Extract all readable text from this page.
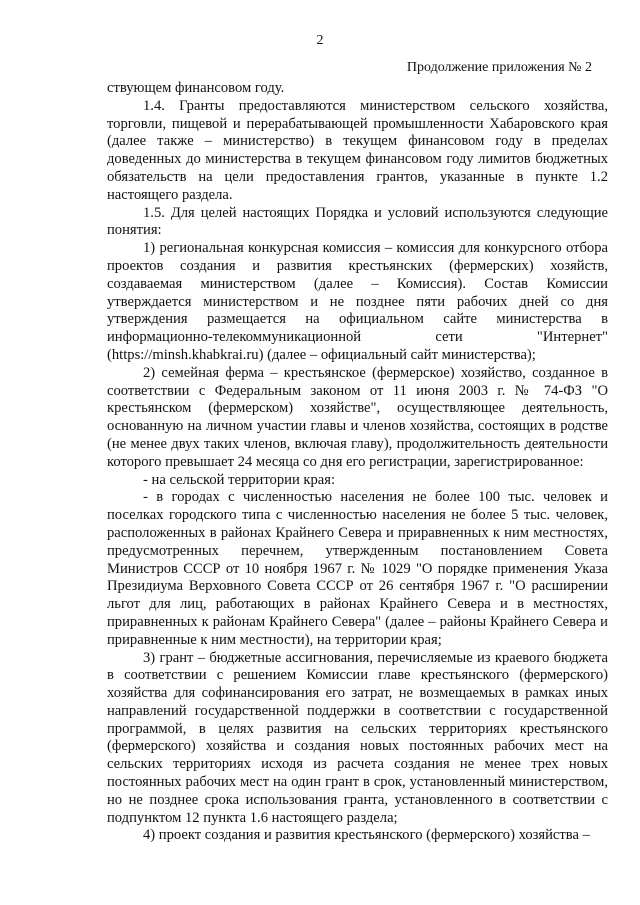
2
Продолжение приложения № 2

ствующем финансовом году.

1.4. Гранты предоставляются министерством сельского хозяйства, торговли, пищевой и перерабатывающей промышленности Хабаровского края (далее также – министерство) в текущем финансовом году в пределах доведенных до министерства в текущем финансовом году лимитов бюджетных обязательств на цели предоставления грантов, указанные в пункте 1.2 настоящего раздела.

1.5. Для целей настоящих Порядка и условий используются следующие понятия:

1) региональная конкурсная комиссия – комиссия для конкурсного отбора проектов создания и развития крестьянских (фермерских) хозяйств, создаваемая министерством (далее – Комиссия). Состав Комиссии утверждается министерством и не позднее пяти рабочих дней со дня утверждения размещается на официальном сайте министерства в информационно-телекоммуникационной сети "Интернет" (https://minsh.khabkrai.ru) (далее – официальный сайт министерства);

2) семейная ферма – крестьянское (фермерское) хозяйство, созданное в соответствии с Федеральным законом от 11 июня 2003 г. № 74-ФЗ "О крестьянском (фермерском) хозяйстве", осуществляющее деятельность, основанную на личном участии главы и членов хозяйства, состоящих в родстве (не менее двух таких членов, включая главу), продолжительность деятельности которого превышает 24 месяца со дня его регистрации, зарегистрированное:

- на сельской территории края:

- в городах с численностью населения не более 100 тыс. человек и поселках городского типа с численностью населения не более 5 тыс. человек, расположенных в районах Крайнего Севера и приравненных к ним местностях, предусмотренных перечнем, утвержденным постановлением Совета Министров СССР от 10 ноября 1967 г. № 1029 "О порядке применения Указа Президиума Верховного Совета СССР от 26 сентября 1967 г. "О расширении льгот для лиц, работающих в районах Крайнего Севера и в местностях, приравненных к районам Крайнего Севера" (далее – районы Крайнего Севера и приравненные к ним местности), на территории края;

3) грант – бюджетные ассигнования, перечисляемые из краевого бюджета в соответствии с решением Комиссии главе крестьянского (фермерского) хозяйства для софинансирования его затрат, не возмещаемых в рамках иных направлений государственной поддержки в соответствии с государственной программой, в целях развития на сельских территориях крестьянского (фермерского) хозяйства и создания новых постоянных рабочих мест на сельских территориях исходя из расчета создания не менее трех новых постоянных рабочих мест на один грант в срок, установленный министерством, но не позднее срока использования гранта, установленного в соответствии с подпунктом 12 пункта 1.6 настоящего раздела;

4) проект создания и развития крестьянского (фермерского) хозяйства –
